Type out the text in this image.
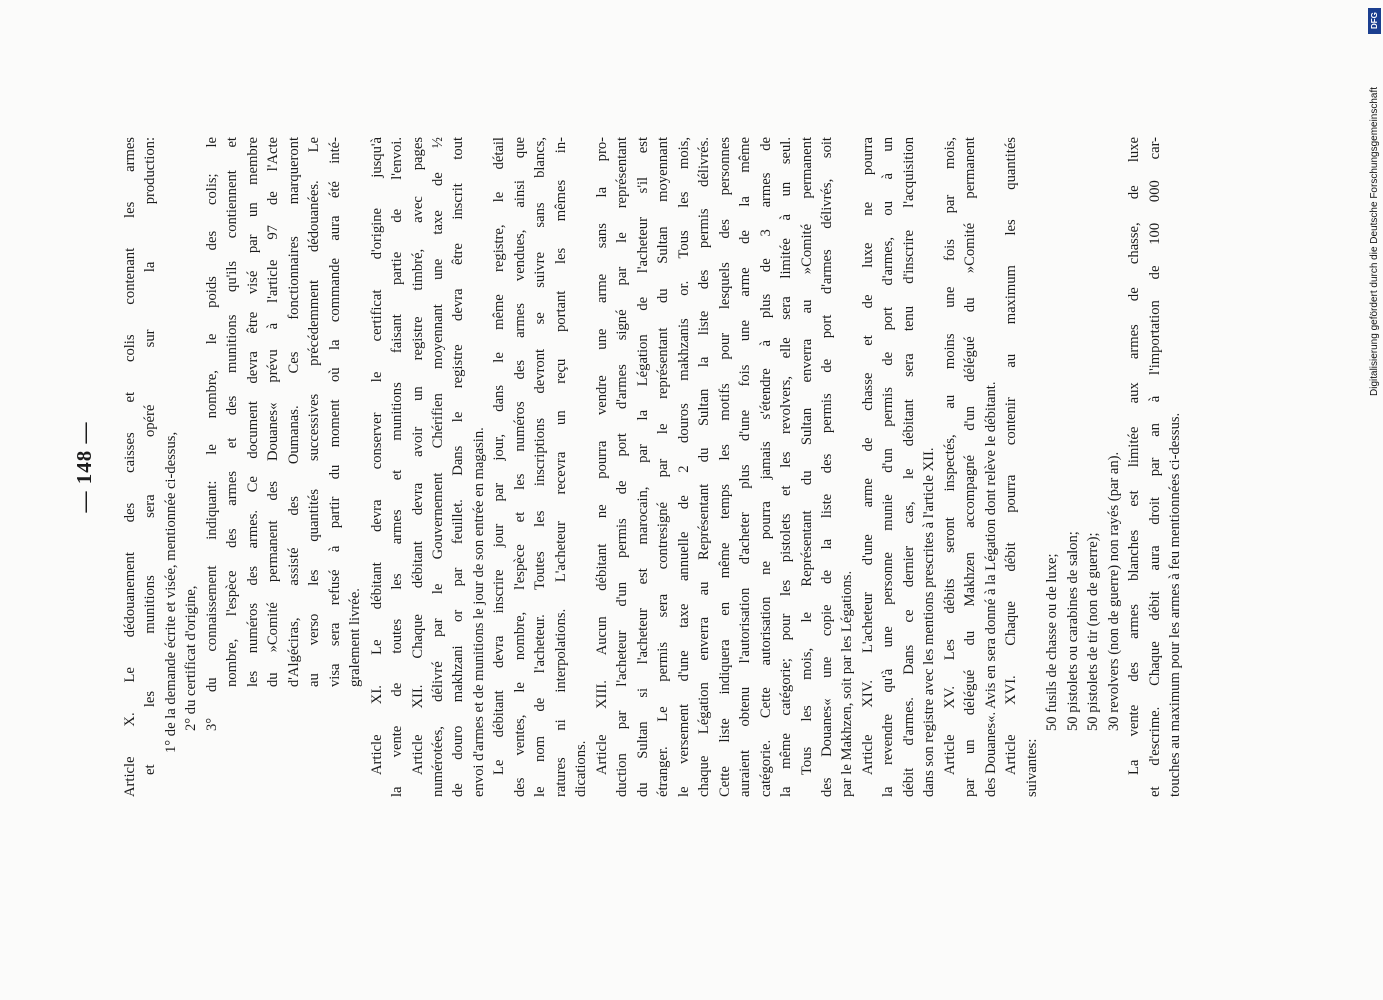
— 148 — Article X. Le dédouanement des caisses et colis contenant les armes et les munitions sera opéré sur la production: 1° de la demande écrite et visée, mentionnée ci-dessus, 2° du certificat d'origine, 3° du connaissement indiquant: le nombre, le poids des colis; le nombre, l'espèce des armes et des munitions qu'ils contiennent et les numéros des armes. Ce document devra être visé par un membre du »Comité permanent des Douanes« prévu à l'article 97 de l'Acte d'Algéciras, assisté des Oumanas. Ces fonctionnaires marqueront au verso les quantités successives précédemment dédouanées. Le visa sera refusé à partir du moment où la commande aura été inté- gralement livrée. Article XI. Le débitant devra conserver le certificat d'origine jusqu'à la vente de toutes les armes et munitions faisant partie de l'envoi. Article XII. Chaque débitant devra avoir un registre timbré, avec pages numérotées, délivré par le Gouvernement Chérifien moyennant une taxe de ½ de douro makhzani or par feuillet. Dans le registre devra être inscrit tout envoi d'armes et de munitions le jour de son entrée en magasin. Le débitant devra inscrire jour par jour, dans le même registre, le détail des ventes, le nombre, l'espèce et les numéros des armes vendues, ainsi que le nom de l'acheteur. Toutes les inscriptions devront se suivre sans blancs, ratures ni interpolations. L'acheteur recevra un reçu portant les mêmes in- dications. Article XIII. Aucun débitant ne pourra vendre une arme sans la pro- duction par l'acheteur d'un permis de port d'armes signé par le représentant du Sultan si l'acheteur est marocain, par la Légation de l'acheteur s'il est étranger. Le permis sera contresigné par le représentant du Sultan moyennant le versement d'une taxe annuelle de 2 douros makhzanis or. Tous les mois, chaque Légation enverra au Représentant du Sultan la liste des permis délivrés. Cette liste indiquera en même temps les motifs pour lesquels des personnes auraient obtenu l'autorisation d'acheter plus d'une fois une arme de la même catégorie. Cette autorisation ne pourra jamais s'étendre à plus de 3 armes de la même catégorie; pour les pistolets et les revolvers, elle sera limitée à un seul. Tous les mois, le Représentant du Sultan enverra au »Comité permanent des Douanes« une copie de la liste des permis de port d'armes délivrés, soit par le Makhzen, soit par les Légations. Article XIV. L'acheteur d'une arme de chasse et de luxe ne pourra la revendre qu'à une personne munie d'un permis de port d'armes, ou à un débit d'armes. Dans ce dernier cas, le débitant sera tenu d'inscrire l'acquisition dans son registre avec les mentions prescrites à l'article XII. Article XV. Les débits seront inspectés, au moins une fois par mois, par un délégué du Makhzen accompagné d'un délégué du »Comité permanent des Douanes«. Avis en sera donné à la Légation dont relève le débitant. Article XVI. Chaque débit pourra contenir au maximum les quantités suivantes:
50 fusils de chasse ou de luxe; 50 pistolets ou carabines de salon; 50 pistolets de tir (non de guerre); 30 revolvers (non de guerre) non rayés (par an). La vente des armes blanches est limitée aux armes de chasse, de luxe et d'escrime. Chaque débit aura droit par an à l'importation de 100 000 car- touches au maximum pour les armes à feu mentionnées ci-dessus.
DFG
Digitalisierung gefördert durch die Deutsche Forschungsgemeinschaft
